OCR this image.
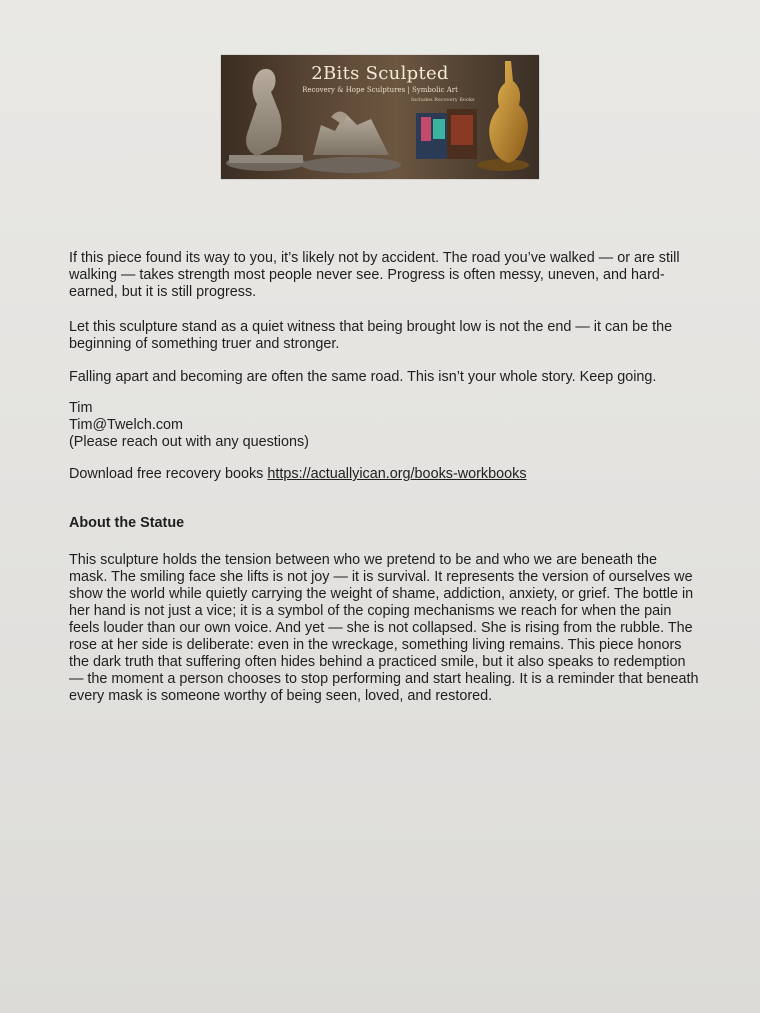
2Bits Sculpted
Recovery & Hope Sculptures | Symbolic Art
Includes Recovery Books

If this piece found its way to you, it’s likely not by accident. The road you’ve walked — or are still walking — takes strength most people never see. Progress is often messy, uneven, and hard-earned, but it is still progress.

Let this sculpture stand as a quiet witness that being brought low is not the end — it can be the beginning of something truer and stronger.

Falling apart and becoming are often the same road. This isn’t your whole story. Keep going.

Tim
Tim@Twelch.com
(Please reach out with any questions)
Download free recovery books https://actuallyican.org/books-workbooks
About the Statue

This sculpture holds the tension between who we pretend to be and who we are beneath the mask. The smiling face she lifts is not joy — it is survival. It represents the version of ourselves we show the world while quietly carrying the weight of shame, addiction, anxiety, or grief. The bottle in her hand is not just a vice; it is a symbol of the coping mechanisms we reach for when the pain feels louder than our own voice. And yet — she is not collapsed. She is rising from the rubble. The rose at her side is deliberate: even in the wreckage, something living remains. This piece honors the dark truth that suffering often hides behind a practiced smile, but it also speaks to redemption — the moment a person chooses to stop performing and start healing. It is a reminder that beneath every mask is someone worthy of being seen, loved, and restored.
